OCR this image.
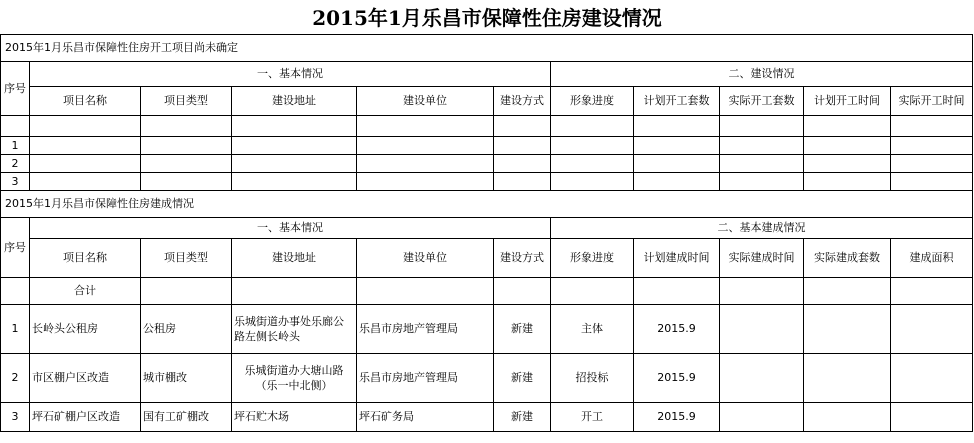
2015年1月乐昌市保障性住房建设情况
2015年1月乐昌市保障性住房开工项目尚未确定										
序号	一、基本情况					二、建设情况				
	项目名称	项目类型	建设地址	建设单位	建设方式	形象进度	计划开工套数	实际开工套数	计划开工时间	实际开工时间

1										
2										
3										
2015年1月乐昌市保障性住房建成情况										
序号	一、基本情况					二、基本建成情况				
	项目名称	项目类型	建设地址	建设单位	建设方式	形象进度	计划建成时间	实际建成时间	实际建成套数	建成面积
	合计									
1	长岭头公租房	公租房	乐城街道办事处乐廊公路左侧长岭头	乐昌市房地产管理局	新建	主体	2015.9			
2	市区棚户区改造	城市棚改	乐城街道办大塘山路（乐一中北侧）	乐昌市房地产管理局	新建	招投标	2015.9			
3	坪石矿棚户区改造	国有工矿棚改	坪石贮木场	坪石矿务局	新建	开工	2015.9			
